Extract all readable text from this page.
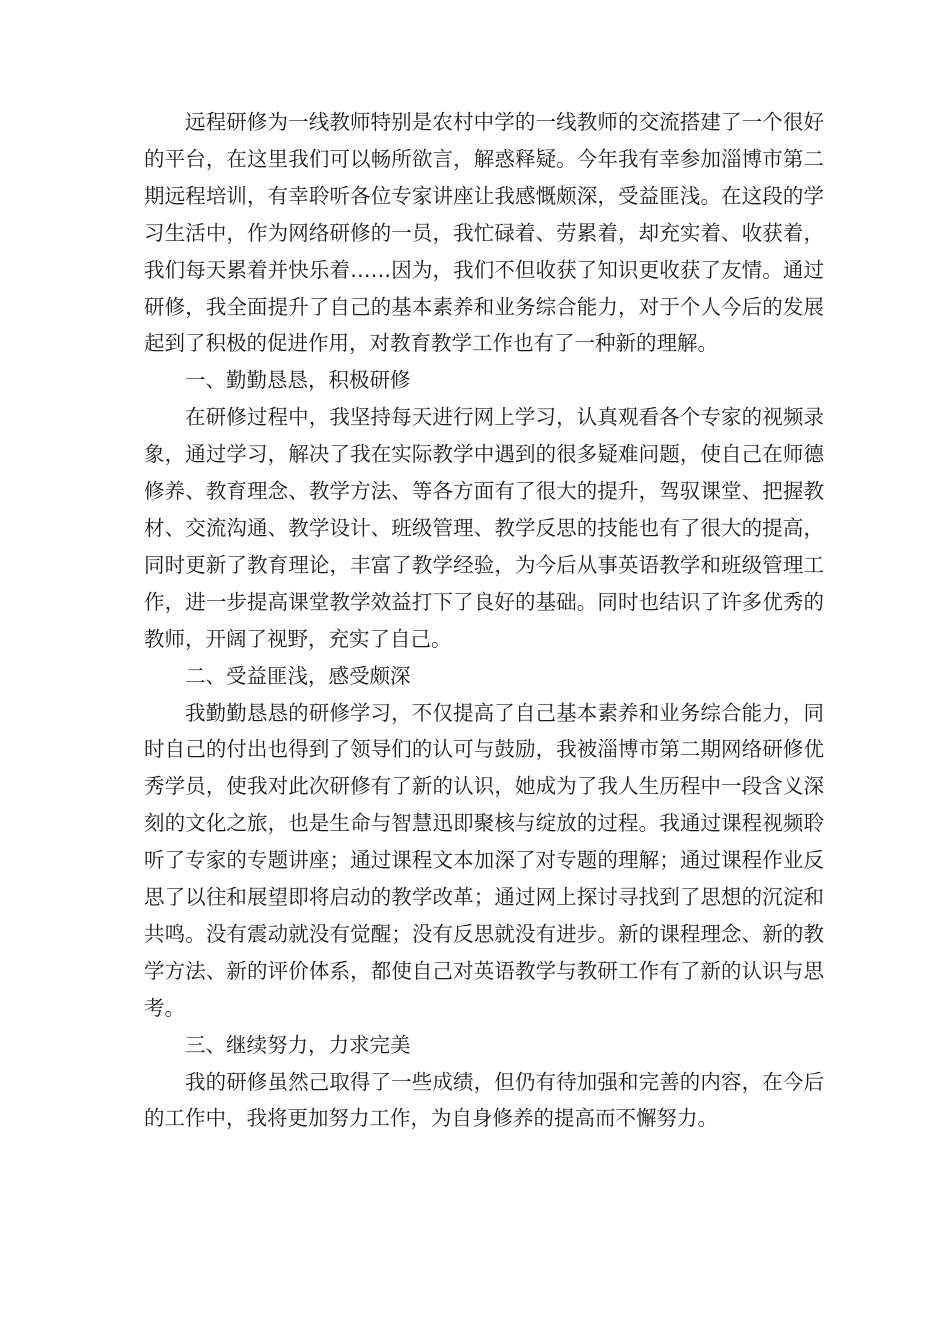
远程研修为一线教师特别是农村中学的一线教师的交流搭建了一个很好的平台，在这里我们可以畅所欲言，解惑释疑。今年我有幸参加淄博市第二期远程培训，有幸聆听各位专家讲座让我感慨颇深，受益匪浅。在这段的学习生活中，作为网络研修的一员，我忙碌着、劳累着，却充实着、收获着，我们每天累着并快乐着……因为，我们不但收获了知识更收获了友情。通过研修，我全面提升了自己的基本素养和业务综合能力，对于个人今后的发展起到了积极的促进作用，对教育教学工作也有了一种新的理解。

一、勤勤恳恳，积极研修

在研修过程中，我坚持每天进行网上学习，认真观看各个专家的视频录象，通过学习，解决了我在实际教学中遇到的很多疑难问题，使自己在师德修养、教育理念、教学方法、等各方面有了很大的提升，驾驭课堂、把握教材、交流沟通、教学设计、班级管理、教学反思的技能也有了很大的提高，同时更新了教育理论，丰富了教学经验，为今后从事英语教学和班级管理工作，进一步提高课堂教学效益打下了良好的基础。同时也结识了许多优秀的教师，开阔了视野，充实了自己。

二、受益匪浅，感受颇深

我勤勤恳恳的研修学习，不仅提高了自己基本素养和业务综合能力，同时自己的付出也得到了领导们的认可与鼓励，我被淄博市第二期网络研修优秀学员，使我对此次研修有了新的认识，她成为了我人生历程中一段含义深刻的文化之旅，也是生命与智慧迅即聚核与绽放的过程。我通过课程视频聆听了专家的专题讲座；通过课程文本加深了对专题的理解；通过课程作业反思了以往和展望即将启动的教学改革；通过网上探讨寻找到了思想的沉淀和共鸣。没有震动就没有觉醒；没有反思就没有进步。新的课程理念、新的教学方法、新的评价体系，都使自己对英语教学与教研工作有了新的认识与思考。

三、继续努力，力求完美

我的研修虽然己取得了一些成绩，但仍有待加强和完善的内容，在今后的工作中，我将更加努力工作，为自身修养的提高而不懈努力。
